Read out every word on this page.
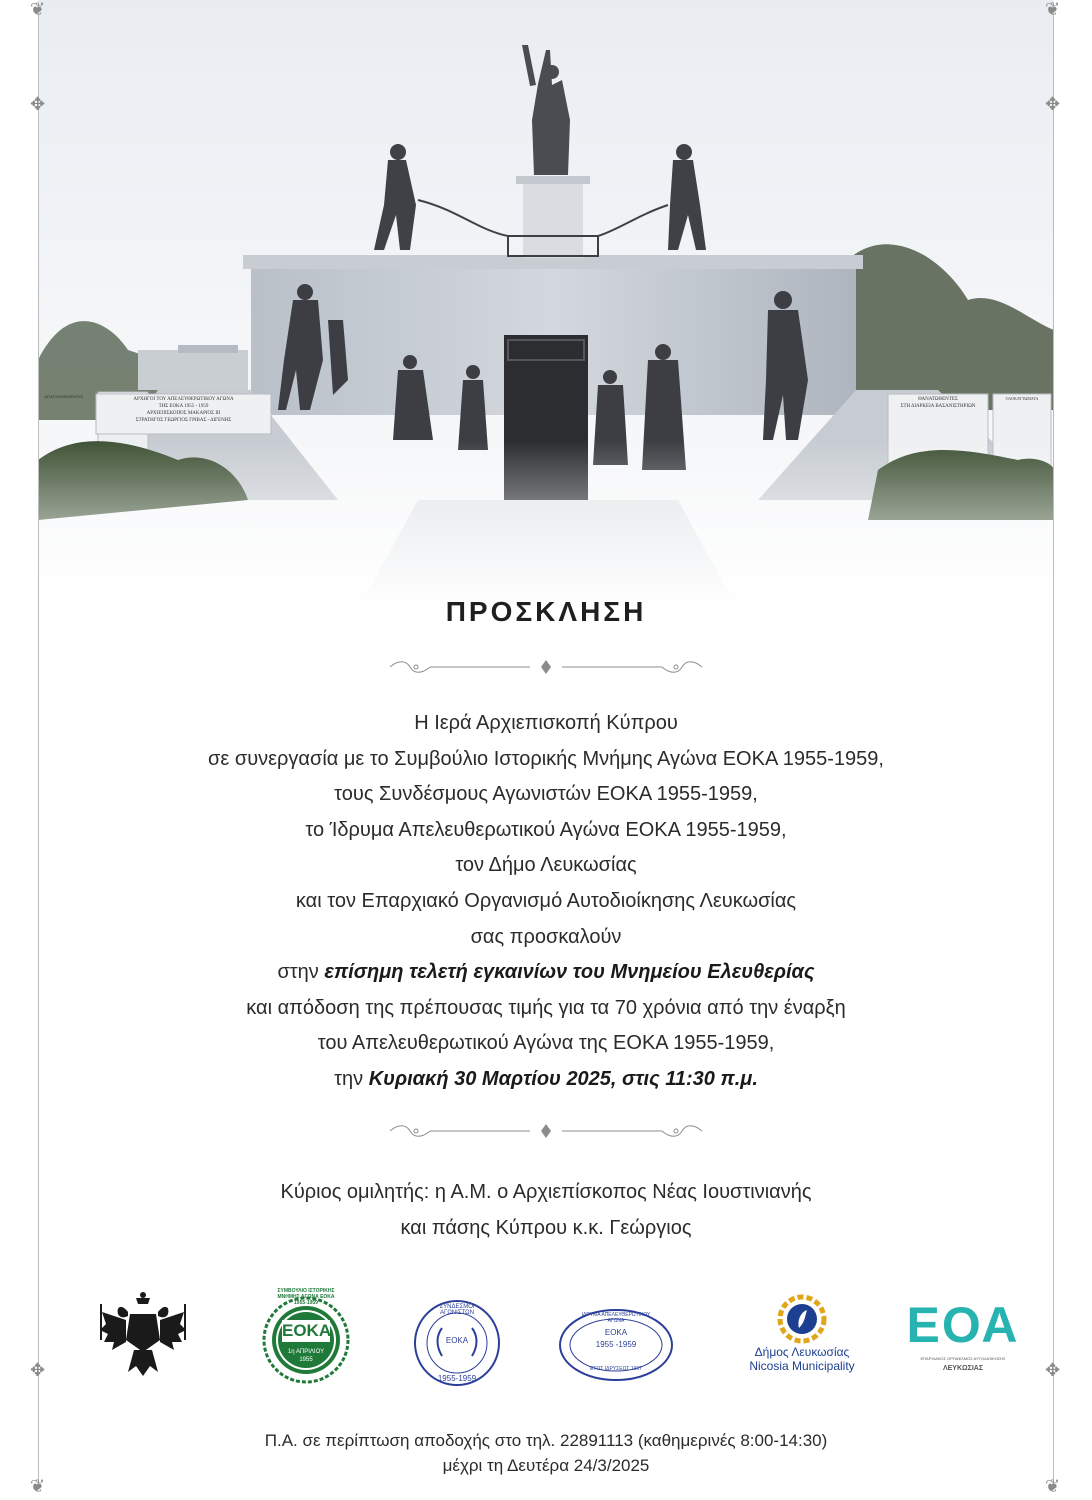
ΑΠΑΓΧΟΝΙΣΘΕΝΤΕΣ
ΑΡΧΗΓΟΙ ΤΟΥ ΑΠΕΛΕΥΘΕΡΩΤΙΚΟΥ ΑΓΩΝΑ
ΤΗΣ ΕΟΚΑ 1955 - 1959
ΑΡΧΙΕΠΙΣΚΟΠΟΣ ΜΑΚΑΡΙΟΣ ΙΙΙ
ΣΤΡΑΤΗΓΟΣ ΓΕΩΡΓΙΟΣ ΓΡΙΒΑΣ - ΔΙΓΕΝΗΣ
ΘΑΝΑΤΩΘΕΝΤΕΣ
ΣΤΗ ΔΙΑΡΚΕΙΑ ΒΑΣΑΝΙΣΤΗΡΙΩΝ
ΟΛΟΚΑΥΤΩΜΑΤΑ
❦	❦
✥	✥
✥	✥
❦	❦
ΠΡΟΣΚΛΗΣΗ
Η Ιερά Αρχιεπισκοπή Κύπρου
σε συνεργασία με το Συμβούλιο Ιστορικής Μνήμης Αγώνα ΕΟΚΑ 1955-1959,
τους Συνδέσμους Αγωνιστών ΕΟΚΑ 1955-1959,
το Ίδρυμα Απελευθερωτικού Αγώνα ΕΟΚΑ 1955-1959,
τον Δήμο Λευκωσίας
και τον Επαρχιακό Οργανισμό Αυτοδιοίκησης Λευκωσίας
σας προσκαλούν
στην επίσημη τελετή εγκαινίων του Μνημείου Ελευθερίας
και απόδοση της πρέπουσας τιμής για τα 70 χρόνια από την έναρξη
του Απελευθερωτικού Αγώνα της ΕΟΚΑ 1955-1959,
την Κυριακή 30 Μαρτίου 2025, στις 11:30 π.μ.
Κύριος ομιλητής: η Α.Μ. ο Αρχιεπίσκοπος Νέας Ιουστινιανής
και πάσης Κύπρου κ.κ. Γεώργιος
ΣΥΜΒΟΥΛΙΟ ΙΣΤΟΡΙΚΗΣ ΜΝΗΜΗΣ ΑΓΩΝΑ ΕΟΚΑ 1955-1959
ΕΟΚΑ
1η ΑΠΡΙΛΙΟΥ
1955
ΣΥΝΔΕΣΜΟΙ ΑΓΩΝΙΣΤΩΝ
ΕΟΚΑ
1955-1959
ΙΔΡΥΜΑ ΑΠΕΛΕΥΘΕΡΩΤΙΚΟΥ ΑΓΩΝΑ
ΕΟΚΑ
1955 -1959
ΕΤΟΣ ΙΔΡΥΣΕΩΣ 1997
Δήμος Λευκωσίας
Nicosia Municipality
ΕΟΑ
ΕΠΑΡΧΙΑΚΟΣ ΟΡΓΑΝΙΣΜΟΣ ΑΥΤΟΔΙΟΙΚΗΣΗΣ
ΛΕΥΚΩΣΙΑΣ
Π.Α. σε περίπτωση αποδοχής στο τηλ. 22891113 (καθημερινές 8:00-14:30)
μέχρι τη Δευτέρα 24/3/2025
